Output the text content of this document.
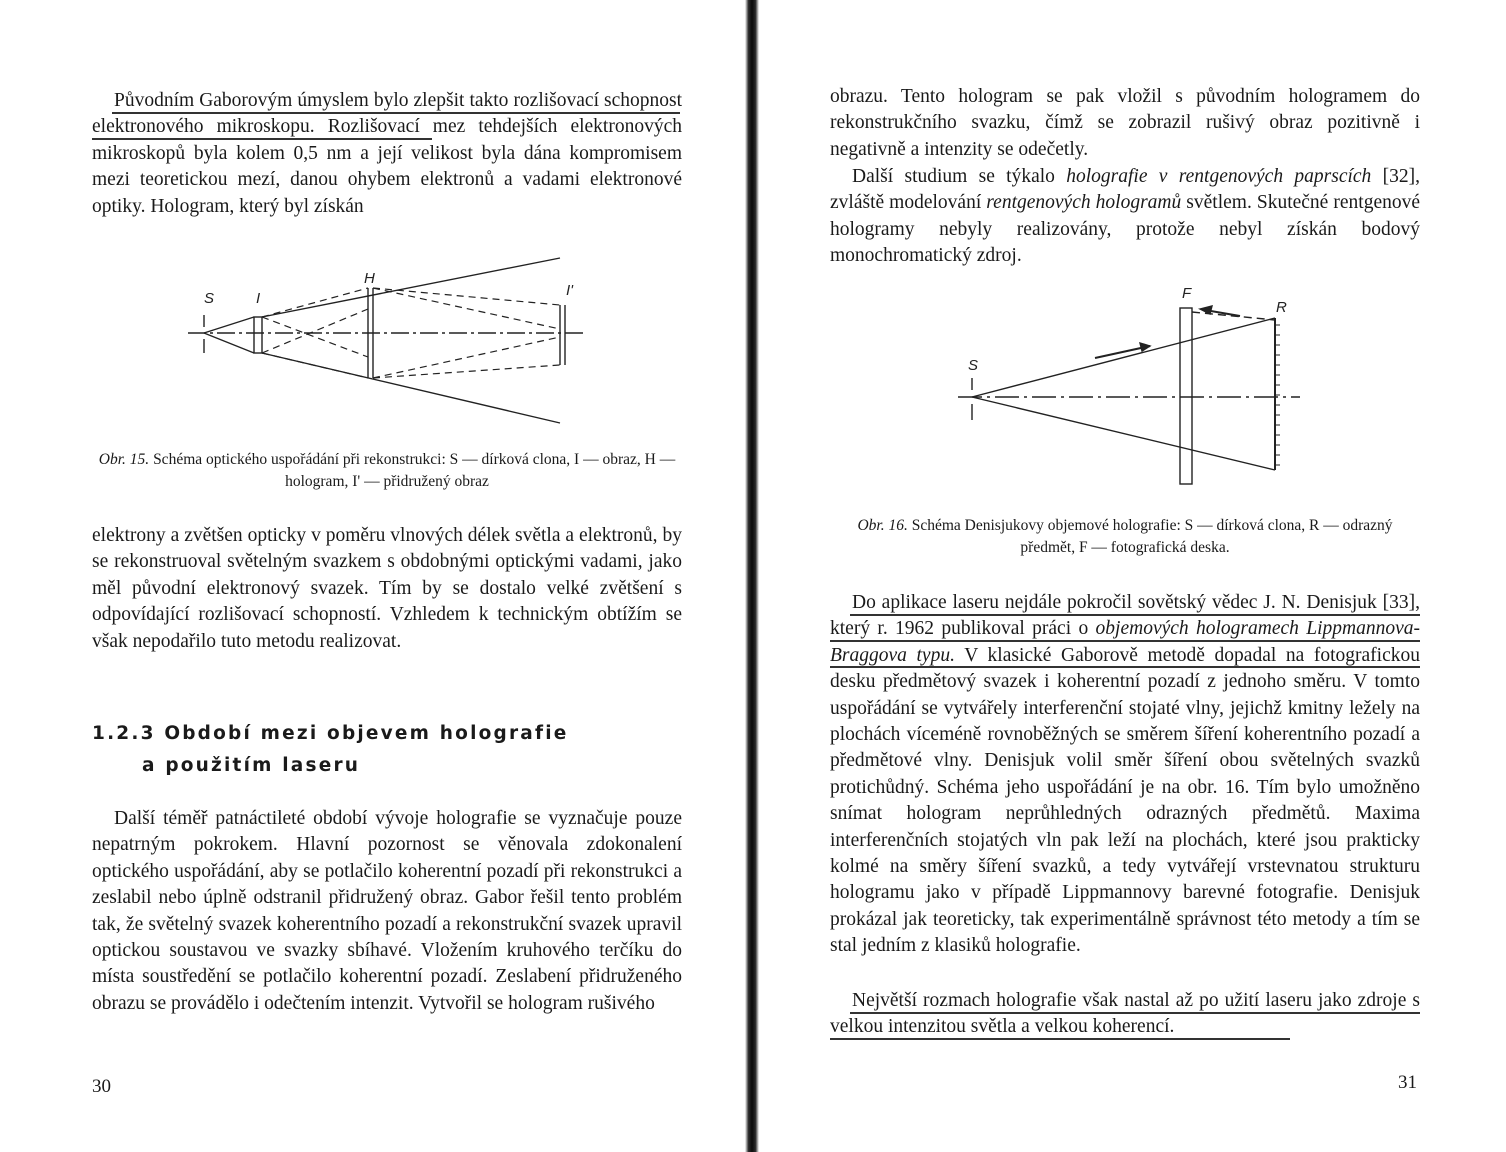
Původním Gaborovým úmyslem bylo zlepšit takto rozlišovací schopnost elektronového mikroskopu. Rozlišovací mez tehdejších elektronových mikroskopů byla kolem 0,5 nm a její velikost byla dána kompromisem mezi teoretickou mezí, danou ohybem elektronů a vadami elektronové optiky. Hologram, který byl získán

S	I
H
I'

Obr. 15. Schéma optického uspořádání při rekonstrukci: S — dírková clona, I — obraz, H — hologram, I' — přidružený obraz

elektrony a zvětšen opticky v poměru vlnových délek světla a elektronů, by se rekonstruoval světelným svazkem s obdobnými optickými vadami, jako měl původní elektronový svazek. Tím by se dostalo velké zvětšení s odpovídající rozlišovací schopností. Vzhledem k technickým obtížím se však nepodařilo tuto metodu realizovat.

1.2.3 Období mezi objevem holografie
a použitím laseru

Další téměř patnáctileté období vývoje holografie se vyznačuje pouze nepatrným pokrokem. Hlavní pozornost se věnovala zdokonalení optického uspořádání, aby se potlačilo koherentní pozadí při rekonstrukci a zeslabil nebo úplně odstranil přidružený obraz. Gabor řešil tento problém tak, že světelný svazek koherentního pozadí a rekonstrukční svazek upravil optickou soustavou ve svazky sbíhavé. Vložením kruhového terčíku do místa soustředění se potlačilo koherentní pozadí. Zeslabení přidruženého obrazu se provádělo i odečtením intenzit. Vytvořil se hologram rušivého

30

obrazu. Tento hologram se pak vložil s původním hologramem do rekonstrukčního svazku, čímž se zobrazil rušivý obraz pozitivně i negativně a intenzity se odečetly.

Další studium se týkalo holografie v rentgenových paprscích [32], zvláště modelování rentgenových hologramů světlem. Skutečné rentgenové hologramy nebyly realizovány, protože nebyl získán bodový monochromatický zdroj.

S
F
R

Obr. 16. Schéma Denisjukovy objemové holografie: S — dírková clona, R — odrazný předmět, F — fotografická deska.

Do aplikace laseru nejdále pokročil sovětský vědec J. N. Denisjuk [33], který r. 1962 publikoval práci o objemových hologramech Lippmannova-Braggova typu. V klasické Gaborově metodě dopadal na fotografickou desku předmětový svazek i koherentní pozadí z jednoho směru. V tomto uspořádání se vytvářely interferenční stojaté vlny, jejichž kmitny ležely na plochách víceméně rovnoběžných se směrem šíření koherentního pozadí a předmětové vlny. Denisjuk volil směr šíření obou světelných svazků protichůdný. Schéma jeho uspořádání je na obr. 16. Tím bylo umožněno snímat hologram neprůhledných odrazných předmětů. Maxima interferenčních stojatých vln pak leží na plochách, které jsou prakticky kolmé na směry šíření svazků, a tedy vytvářejí vrstevnatou strukturu hologramu jako v případě Lippmannovy barevné fotografie. Denisjuk prokázal jak teoreticky, tak experimentálně správnost této metody a tím se stal jedním z klasiků holografie.

Největší rozmach holografie však nastal až po užití laseru jako zdroje s velkou intenzitou světla a velkou koherencí.

31
